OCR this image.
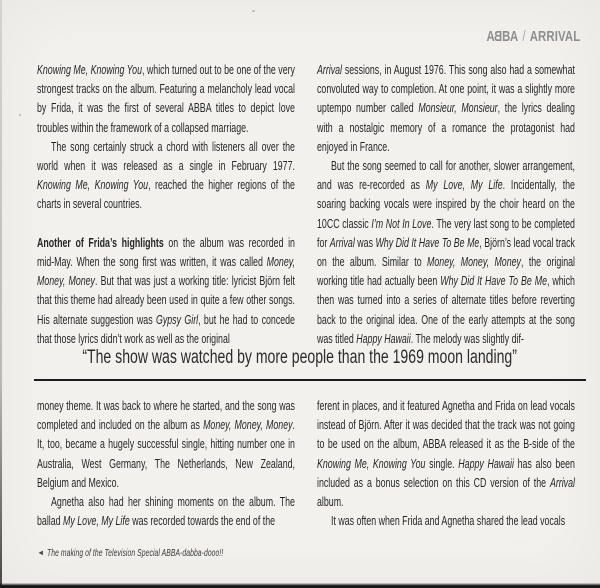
ABBA / ARRIVAL

Knowing Me, Knowing You, which turned out to be one of the very strongest tracks on the album. Featuring a melancholy lead vocal by Frida, it was the first of several ABBA titles to depict love troubles within the framework of a collapsed marriage.

The song certainly struck a chord with listeners all over the world when it was released as a single in February 1977. Knowing Me, Knowing You, reached the higher regions of the charts in several countries.

Another of Frida’s highlights on the album was recorded in mid-May. When the song first was written, it was called Money, Money, Money. But that was just a working title: lyricist Björn felt that this theme had already been used in quite a few other songs. His alternate suggestion was Gypsy Girl, but he had to concede that those lyrics didn’t work as well as the original

Arrival sessions, in August 1976. This song also had a somewhat convoluted way to completion. At one point, it was a slightly more uptempo number called Monsieur, Monsieur, the lyrics dealing with a nostalgic memory of a romance the protagonist had enjoyed in France.

But the song seemed to call for another, slower arrangement, and was re-recorded as My Love, My Life. Incidentally, the soaring backing vocals were inspired by the choir heard on the 10CC classic I’m Not In Love. The very last song to be completed for Arrival was Why Did It Have To Be Me, Björn’s lead vocal track on the album. Similar to Money, Money, Money, the original working title had actually been Why Did It Have To Be Me, which then was turned into a series of alternate titles before reverting back to the original idea. One of the early attempts at the song was titled Happy Hawaii. The melody was slightly dif-

“The show was watched by more people than the 1969 moon landing”

money theme. It was back to where he started, and the song was completed and included on the album as Money, Money, Money. It, too, became a hugely successful single, hitting number one in Australia, West Germany, The Netherlands, New Zealand, Belgium and Mexico.

Agnetha also had her shining moments on the album. The ballad My Love, My Life was recorded towards the end of the

ferent in places, and it featured Agnetha and Frida on lead vocals instead of Björn. After it was decided that the track was not going to be used on the album, ABBA released it as the B-side of the Knowing Me, Knowing You single. Happy Hawaii has also been included as a bonus selection on this CD version of the Arrival album.

It was often when Frida and Agnetha shared the lead vocals

◄ The making of the Television Special ABBA-dabba-dooo!!
